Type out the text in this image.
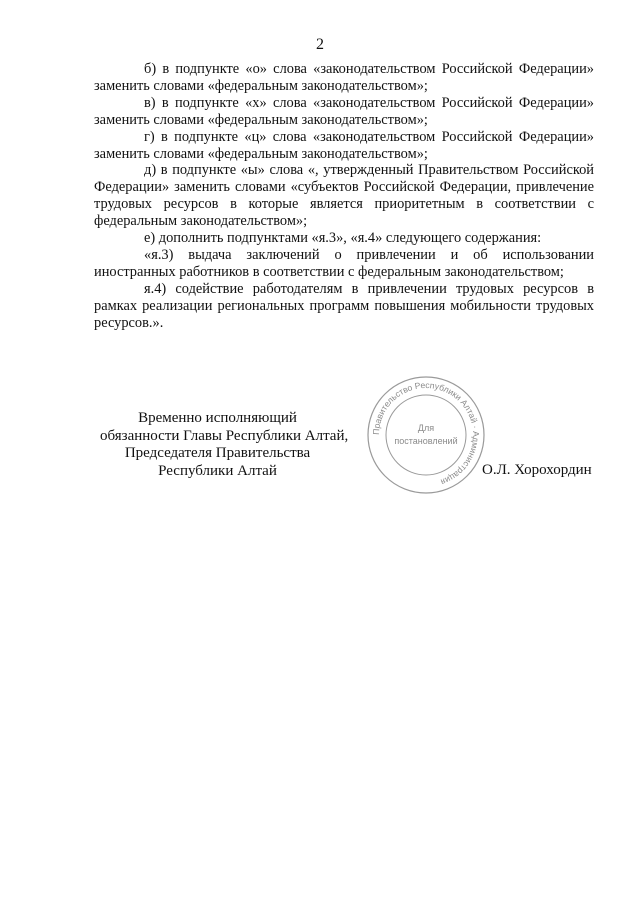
2

б) в подпункте «о» слова «законодательством Российской Федерации» заменить словами «федеральным законодательством»;

в) в подпункте «х» слова «законодательством Российской Федерации» заменить словами «федеральным законодательством»;

г) в подпункте «ц» слова «законодательством Российской Федерации» заменить словами «федеральным законодательством»;

д) в подпункте «ы» слова «, утвержденный Правительством Российской Федерации» заменить словами «субъектов Российской Федерации, привлечение трудовых ресурсов в которые является приоритетным в соответствии с федеральным законодательством»;

е) дополнить подпунктами «я.3», «я.4» следующего содержания:

«я.3) выдача заключений о привлечении и об использовании иностранных работников в соответствии с федеральным законодательством;

я.4) содействие работодателям в привлечении трудовых ресурсов в рамках реализации региональных программ повышения мобильности трудовых ресурсов.».

Временно исполняющий
обязанности Главы Республики Алтай,
Председателя Правительства
Республики Алтай
Правительство Республики Алтай · Администрация
Для
постановлений
О.Л. Хорохордин
